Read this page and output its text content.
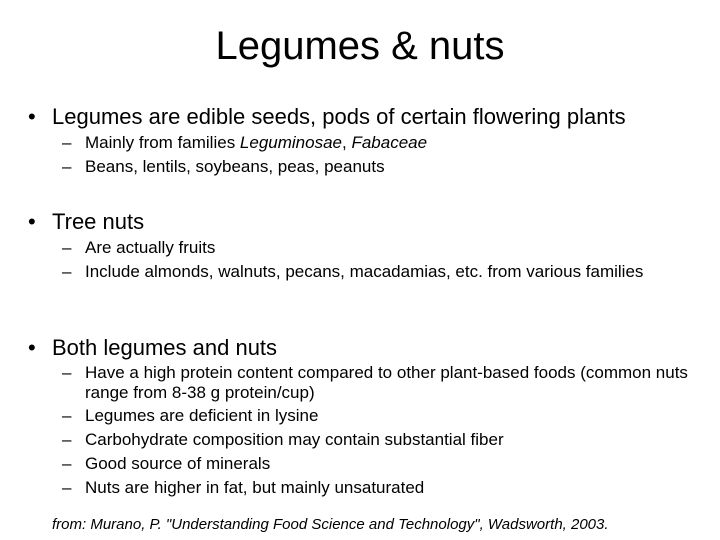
Legumes & nuts
• Legumes are edible seeds, pods of certain flowering plants
– Mainly from families Leguminosae, Fabaceae
– Beans, lentils, soybeans, peas, peanuts
• Tree nuts
– Are actually fruits
– Include almonds, walnuts, pecans, macadamias, etc. from various families
• Both legumes and nuts
– Have a high protein content compared to other plant-based foods (common nuts range from 8-38 g protein/cup)
– Legumes are deficient in lysine
– Carbohydrate composition may contain substantial fiber
– Good source of minerals
– Nuts are higher in fat, but mainly unsaturated
from: Murano, P. "Understanding Food Science and Technology", Wadsworth, 2003.
